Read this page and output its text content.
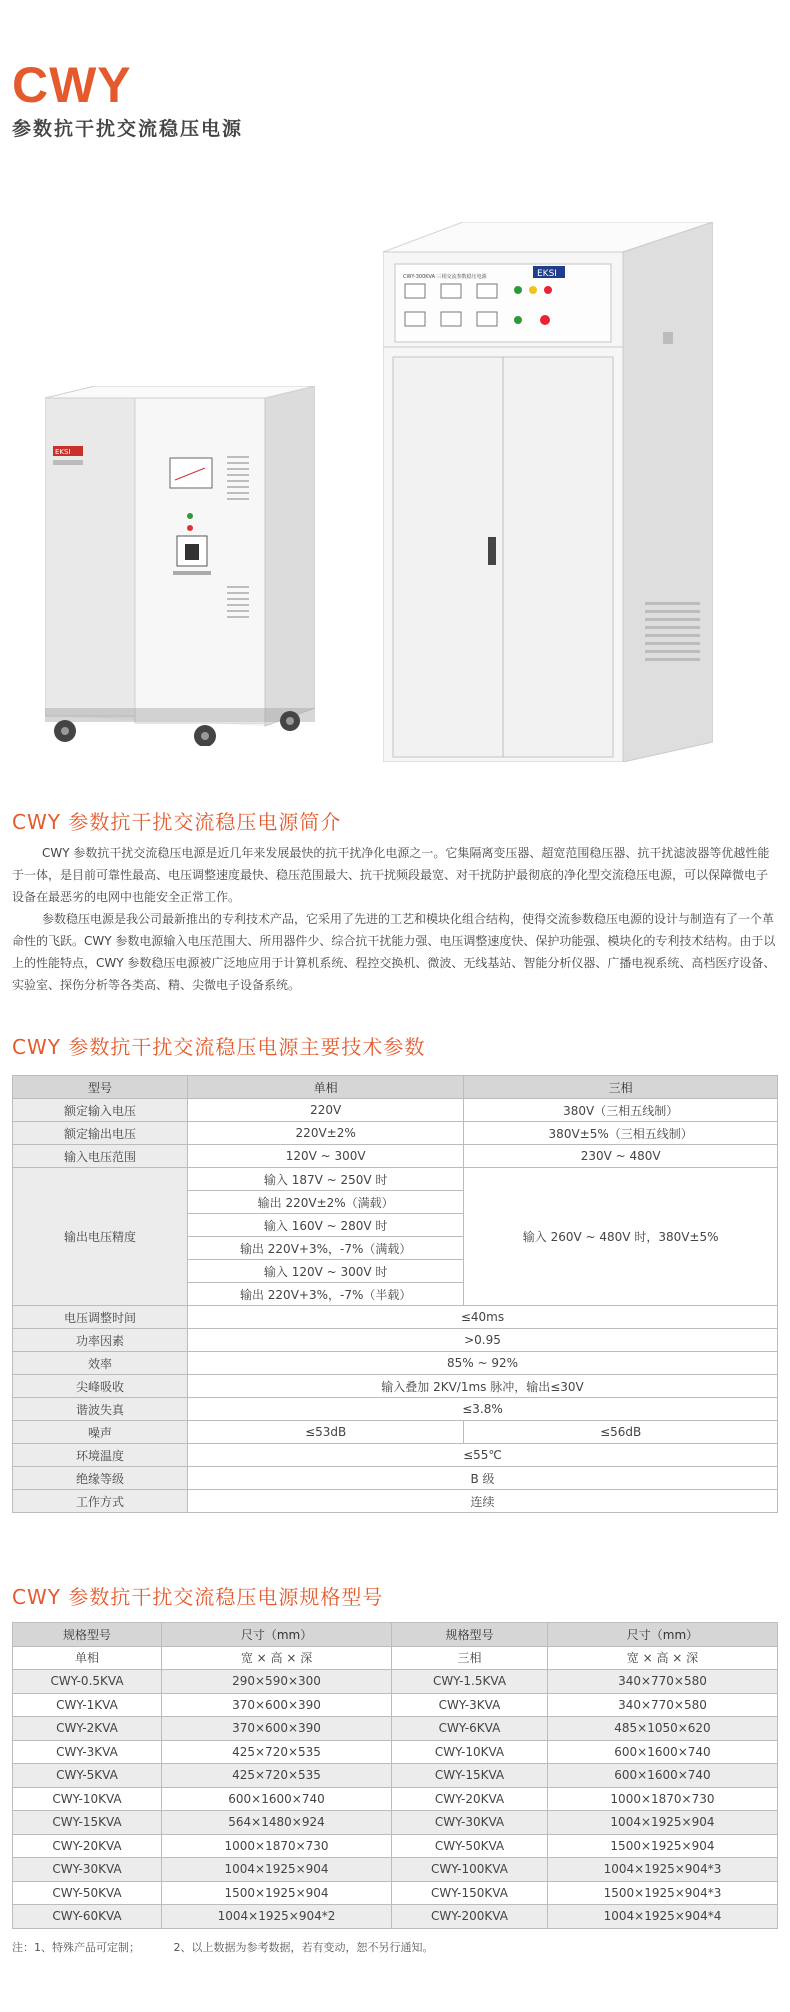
CWY
参数抗干扰交流稳压电源
EKSI
CWY-300KVA 三相交流参数稳压电源	EKSI
CWY 参数抗干扰交流稳压电源简介

CWY 参数抗干扰交流稳压电源是近几年来发展最快的抗干扰净化电源之一。它集隔离变压器、超宽范围稳压器、抗干扰滤波器等优越性能于一体，是目前可靠性最高、电压调整速度最快、稳压范围最大、抗干扰频段最宽、对干扰防护最彻底的净化型交流稳压电源，可以保障微电子设备在最恶劣的电网中也能安全正常工作。

参数稳压电源是我公司最新推出的专利技术产品，它采用了先进的工艺和模块化组合结构，使得交流参数稳压电源的设计与制造有了一个革命性的飞跃。CWY 参数电源输入电压范围大、所用器件少、综合抗干扰能力强、电压调整速度快、保护功能强、模块化的专利技术结构。由于以上的性能特点，CWY 参数稳压电源被广泛地应用于计算机系统、程控交换机、微波、无线基站、智能分析仪器、广播电视系统、高档医疗设备、实验室、探伤分析等各类高、精、尖微电子设备系统。

CWY 参数抗干扰交流稳压电源主要技术参数
型号	单相	三相
额定输入电压	220V	380V（三相五线制）
额定输出电压	220V±2%	380V±5%（三相五线制）
输入电压范围	120V ~ 300V	230V ~ 480V
输出电压精度	输入 187V ~ 250V 时	输入 260V ~ 480V 时，380V±5%
	输出 220V±2%（满载）	
	输入 160V ~ 280V 时	
	输出 220V+3%，-7%（满载）	
	输入 120V ~ 300V 时	
	输出 220V+3%，-7%（半载）	
电压调整时间	≤40ms	
功率因素	>0.95	
效率	85% ~ 92%	
尖峰吸收	输入叠加 2KV/1ms 脉冲，输出≤30V	
谐波失真	≤3.8%	
噪声	≤53dB	≤56dB
环境温度	≤55℃	
绝缘等级	B 级	
工作方式	连续	
CWY 参数抗干扰交流稳压电源规格型号
规格型号	尺寸（mm）	规格型号	尺寸（mm）
单相	宽 × 高 × 深	三相	宽 × 高 × 深
CWY-0.5KVA	290×590×300	CWY-1.5KVA	340×770×580
CWY-1KVA	370×600×390	CWY-3KVA	340×770×580
CWY-2KVA	370×600×390	CWY-6KVA	485×1050×620
CWY-3KVA	425×720×535	CWY-10KVA	600×1600×740
CWY-5KVA	425×720×535	CWY-15KVA	600×1600×740
CWY-10KVA	600×1600×740	CWY-20KVA	1000×1870×730
CWY-15KVA	564×1480×924	CWY-30KVA	1004×1925×904
CWY-20KVA	1000×1870×730	CWY-50KVA	1500×1925×904
CWY-30KVA	1004×1925×904	CWY-100KVA	1004×1925×904*3
CWY-50KVA	1500×1925×904	CWY-150KVA	1500×1925×904*3
CWY-60KVA	1004×1925×904*2	CWY-200KVA	1004×1925×904*4
注：1、特殊产品可定制；	2、以上数据为参考数据，若有变动，恕不另行通知。
